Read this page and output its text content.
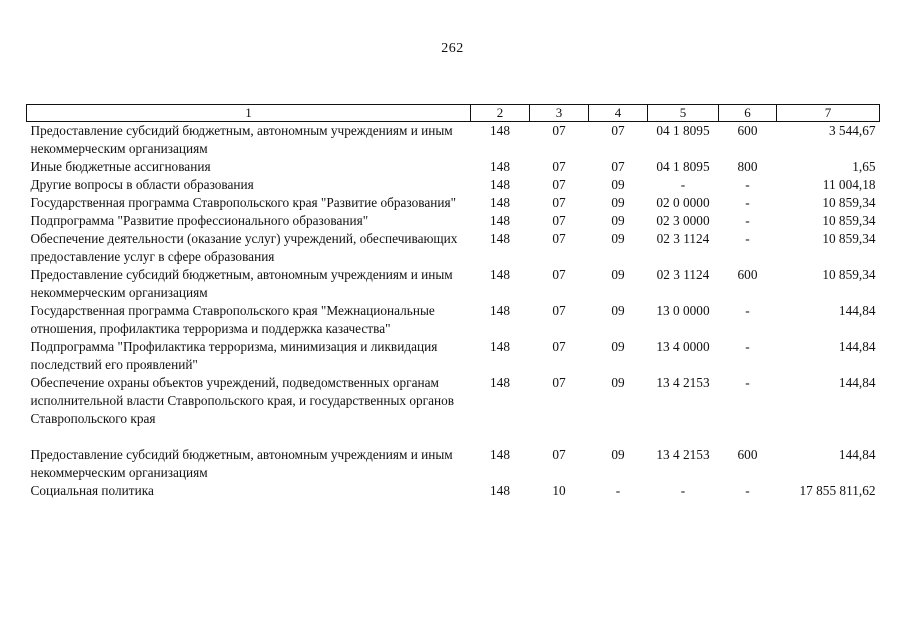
262
1	2	3	4	5	6	7
Предоставление субсидий бюджетным, автономным учреждениям и иным некоммерческим организациям	148	07	07	04 1 8095	600	3 544,67
Иные бюджетные ассигнования	148	07	07	04 1 8095	800	1,65
Другие вопросы в области образования	148	07	09	-	-	11 004,18
Государственная программа Ставропольского края "Развитие образования"	148	07	09	02 0 0000	-	10 859,34
Подпрограмма "Развитие профессионального образования"	148	07	09	02 3 0000	-	10 859,34
Обеспечение деятельности (оказание услуг) учреждений, обеспечивающих предоставление услуг в сфере образования	148	07	09	02 3 1124	-	10 859,34
Предоставление субсидий бюджетным, автономным учреждениям и иным некоммерческим организациям	148	07	09	02 3 1124	600	10 859,34
Государственная программа Ставропольского края "Межнациональные отношения, профилактика терроризма и поддержка казачества"	148	07	09	13 0 0000	-	144,84
Подпрограмма "Профилактика терроризма, минимизация и ликвидация последствий его проявлений"	148	07	09	13 4 0000	-	144,84
Обеспечение охраны объектов учреждений, подведомственных органам исполнительной власти Ставропольского края, и государственных органов Ставропольского края	148	07	09	13 4 2153	-	144,84

Предоставление субсидий бюджетным, автономным учреждениям и иным некоммерческим организациям	148	07	09	13 4 2153	600	144,84
Социальная политика	148	10	-	-	-	17 855 811,62
